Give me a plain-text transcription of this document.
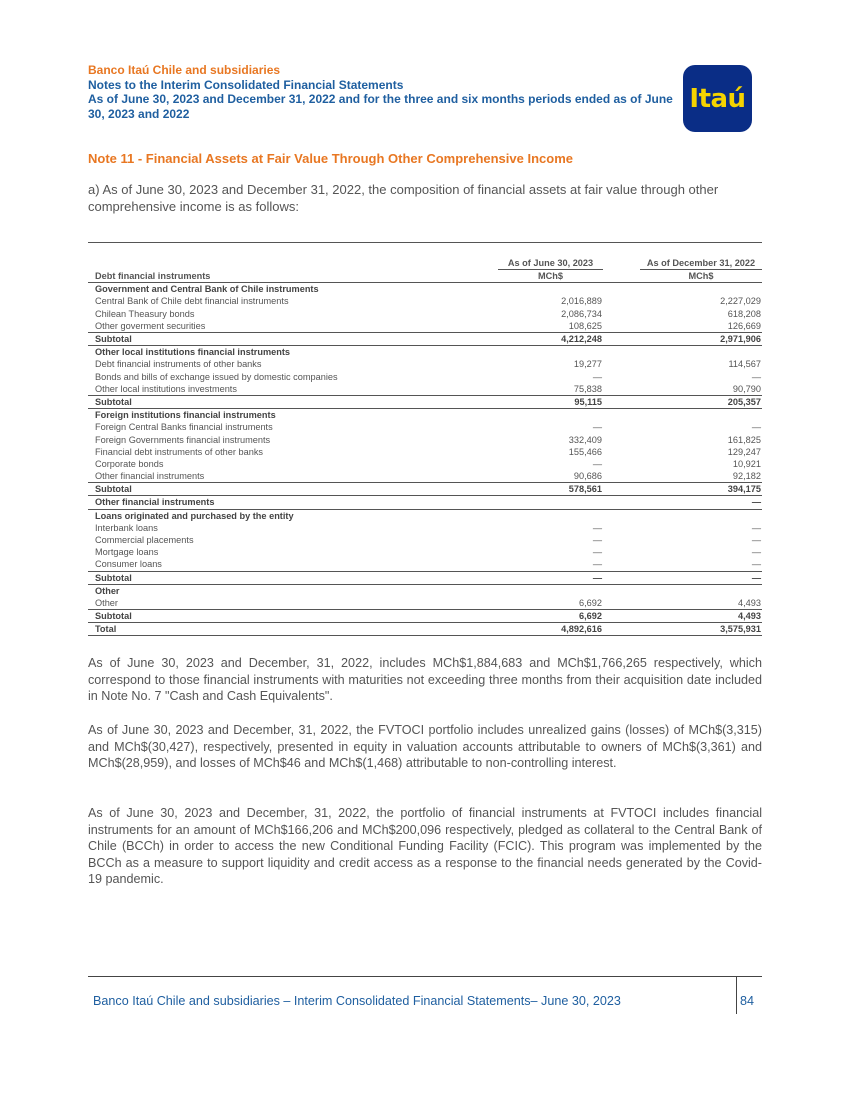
Banco Itaú Chile and subsidiaries
Notes to the Interim Consolidated Financial Statements
As of June 30, 2023 and December 31, 2022 and for the three and six months periods ended as of June 30, 2023 and 2022	Itaú
Note 11 - Financial Assets at Fair Value Through Other Comprehensive Income
a) As of June 30, 2023 and December 31, 2022, the composition of financial assets at fair value through other comprehensive income is as follows:
	As of June 30, 2023		As of December 31, 2022
Debt financial instruments	MCh$		MCh$
Government and Central Bank of Chile instruments			
Central Bank of Chile debt financial instruments	2,016,889		2,227,029
Chilean Theasury bonds	2,086,734		618,208
Other goverment securities	108,625		126,669
Subtotal	4,212,248		2,971,906
Other local institutions financial instruments			
Debt financial instruments of other banks	19,277		114,567
Bonds and bills of exchange issued by domestic companies	—		—
Other local institutions investments	75,838		90,790
Subtotal	95,115		205,357
Foreign institutions financial instruments			
Foreign Central Banks financial instruments	—		—
Foreign Governments financial instruments	332,409		161,825
Financial debt instruments of other banks	155,466		129,247
Corporate bonds	—		10,921
Other financial instruments	90,686		92,182
Subtotal	578,561		394,175
Other financial instruments			—
Loans originated and purchased by the entity			
Interbank loans	—		—
Commercial placements	—		—
Mortgage loans	—		—
Consumer loans	—		—
Subtotal	—		—
Other			
Other	6,692		4,493
Subtotal	6,692		4,493
Total	4,892,616		3,575,931
As of June 30, 2023 and December, 31, 2022, includes MCh$1,884,683 and MCh$1,766,265 respectively, which correspond to those financial instruments with maturities not exceeding three months from their acquisition date included in Note No. 7 "Cash and Cash Equivalents".
As of June 30, 2023 and December, 31, 2022, the FVTOCI portfolio includes unrealized gains (losses) of MCh$(3,315) and MCh$(30,427), respectively, presented in equity in valuation accounts attributable to owners of MCh$(3,361) and MCh$(28,959), and losses of MCh$46 and MCh$(1,468) attributable to non-controlling interest.
As of June 30, 2023 and December, 31, 2022, the portfolio of financial instruments at FVTOCI includes financial instruments for an amount of MCh$166,206 and MCh$200,096 respectively, pledged as collateral to the Central Bank of Chile (BCCh) in order to access the new Conditional Funding Facility (FCIC). This program was implemented by the BCCh as a measure to support liquidity and credit access as a response to the financial needs generated by the Covid-19 pandemic.
Banco Itaú Chile and subsidiaries – Interim Consolidated Financial Statements– June 30, 2023	84
